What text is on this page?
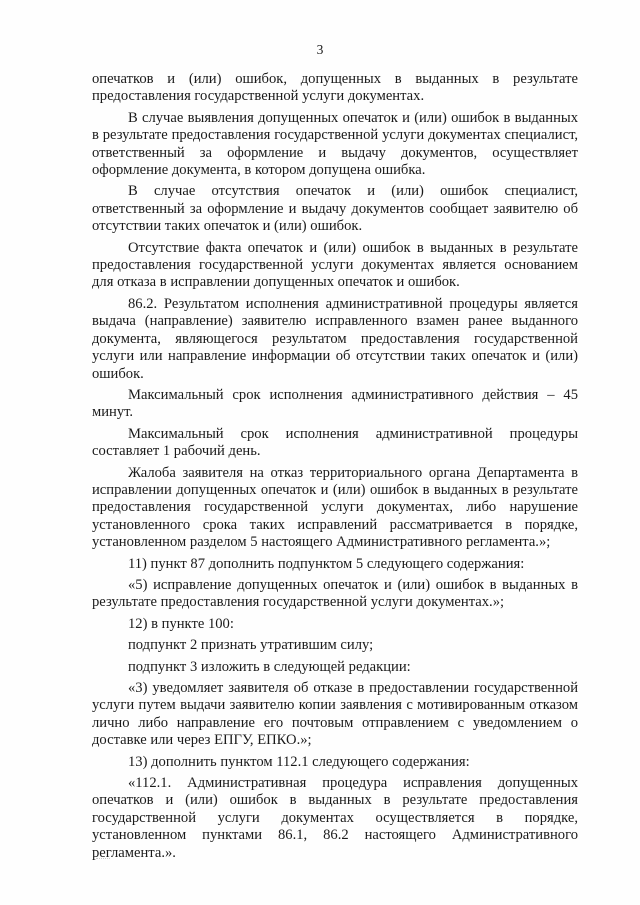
3

опечатков и (или) ошибок, допущенных в выданных в результате предоставления государственной услуги документах.

В случае выявления допущенных опечаток и (или) ошибок в выданных в результате предоставления государственной услуги документах специалист, ответственный за оформление и выдачу документов, осуществляет оформление документа, в котором допущена ошибка.

В случае отсутствия опечаток и (или) ошибок специалист, ответственный за оформление и выдачу документов сообщает заявителю об отсутствии таких опечаток и (или) ошибок.

Отсутствие факта опечаток и (или) ошибок в выданных в результате предоставления государственной услуги документах является основанием для отказа в исправлении допущенных опечаток и ошибок.

86.2. Результатом исполнения административной процедуры является выдача (направление) заявителю исправленного взамен ранее выданного документа, являющегося результатом предоставления государственной услуги или направление информации об отсутствии таких опечаток и (или) ошибок.

Максимальный срок исполнения административного действия – 45 минут.

Максимальный срок исполнения административной процедуры составляет 1 рабочий день.

Жалоба заявителя на отказ территориального органа Департамента в исправлении допущенных опечаток и (или) ошибок в выданных в результате предоставления государственной услуги документах, либо нарушение установленного срока таких исправлений рассматривается в порядке, установленном разделом 5 настоящего Административного регламента.»;

11) пункт 87 дополнить подпунктом 5 следующего содержания:

«5) исправление допущенных опечаток и (или) ошибок в выданных в результате предоставления государственной услуги документах.»;

12) в пункте 100:

подпункт 2 признать утратившим силу;

подпункт 3 изложить в следующей редакции:

«3) уведомляет заявителя об отказе в предоставлении государственной услуги путем выдачи заявителю копии заявления с мотивированным отказом лично либо направление его почтовым отправлением с уведомлением о доставке или через ЕПГУ, ЕПКО.»;

13) дополнить пунктом 112.1 следующего содержания:

«112.1. Административная процедура исправления допущенных опечатков и (или) ошибок в выданных в результате предоставления государственной услуги документах осуществляется в порядке, установленном пунктами 86.1, 86.2 настоящего Административного регламента.».
